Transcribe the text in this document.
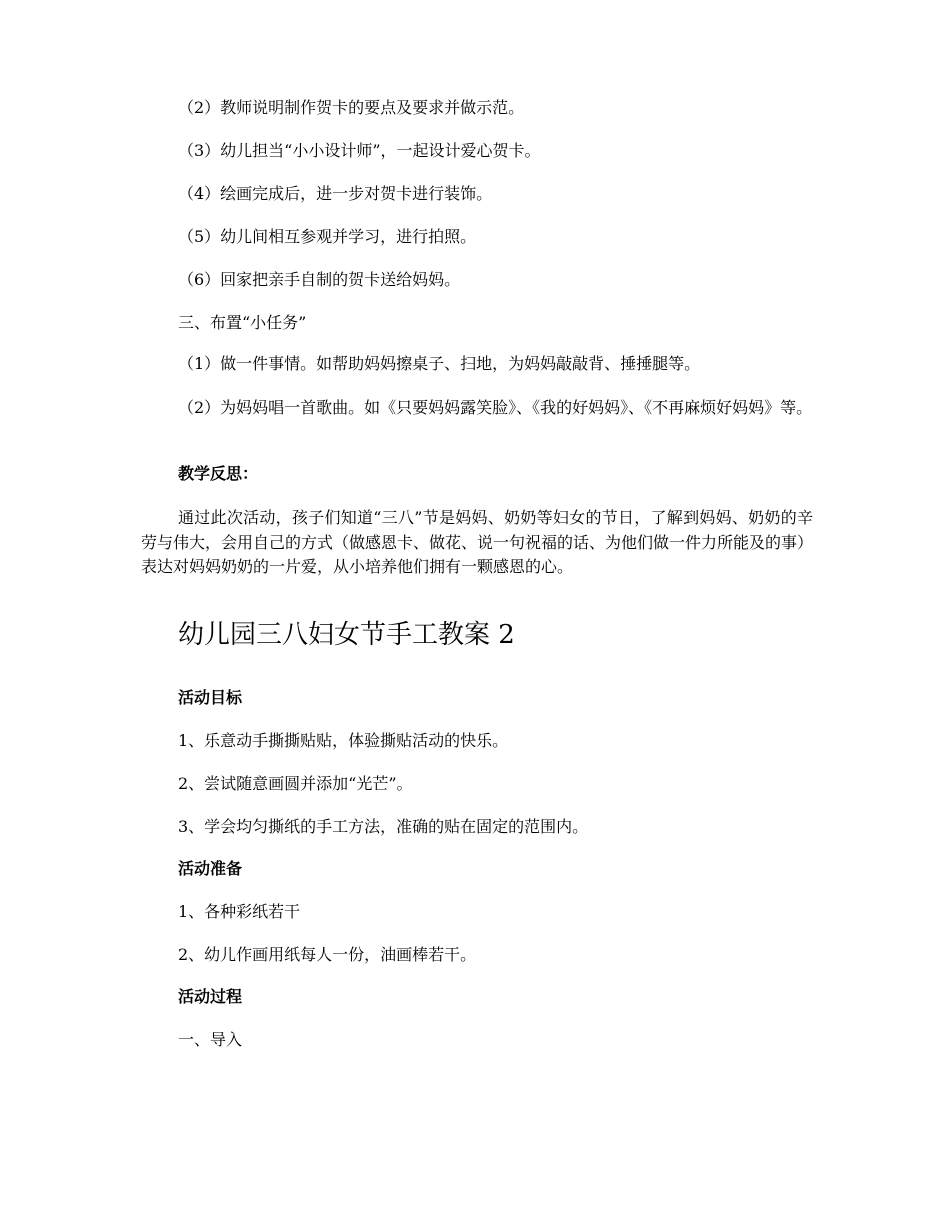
（2）教师说明制作贺卡的要点及要求并做示范。
（3）幼儿担当“小小设计师”，一起设计爱心贺卡。
（4）绘画完成后，进一步对贺卡进行装饰。
（5）幼儿间相互参观并学习，进行拍照。
（6）回家把亲手自制的贺卡送给妈妈。
三、布置“小任务”
（1）做一件事情。如帮助妈妈擦桌子、扫地，为妈妈敲敲背、捶捶腿等。
（2）为妈妈唱一首歌曲。如《只要妈妈露笑脸》、《我的好妈妈》、《不再麻烦好妈妈》等。
教学反思：
通过此次活动，孩子们知道“三八”节是妈妈、奶奶等妇女的节日，了解到妈妈、奶奶的辛劳与伟大，会用自己的方式（做感恩卡、做花、说一句祝福的话、为他们做一件力所能及的事）表达对妈妈奶奶的一片爱，从小培养他们拥有一颗感恩的心。
幼儿园三八妇女节手工教案 2
活动目标
1、乐意动手撕撕贴贴，体验撕贴活动的快乐。
2、尝试随意画圆并添加“光芒”。
3、学会均匀撕纸的手工方法，准确的贴在固定的范围内。
活动准备
1、各种彩纸若干
2、幼儿作画用纸每人一份，油画棒若干。
活动过程
一、导入
